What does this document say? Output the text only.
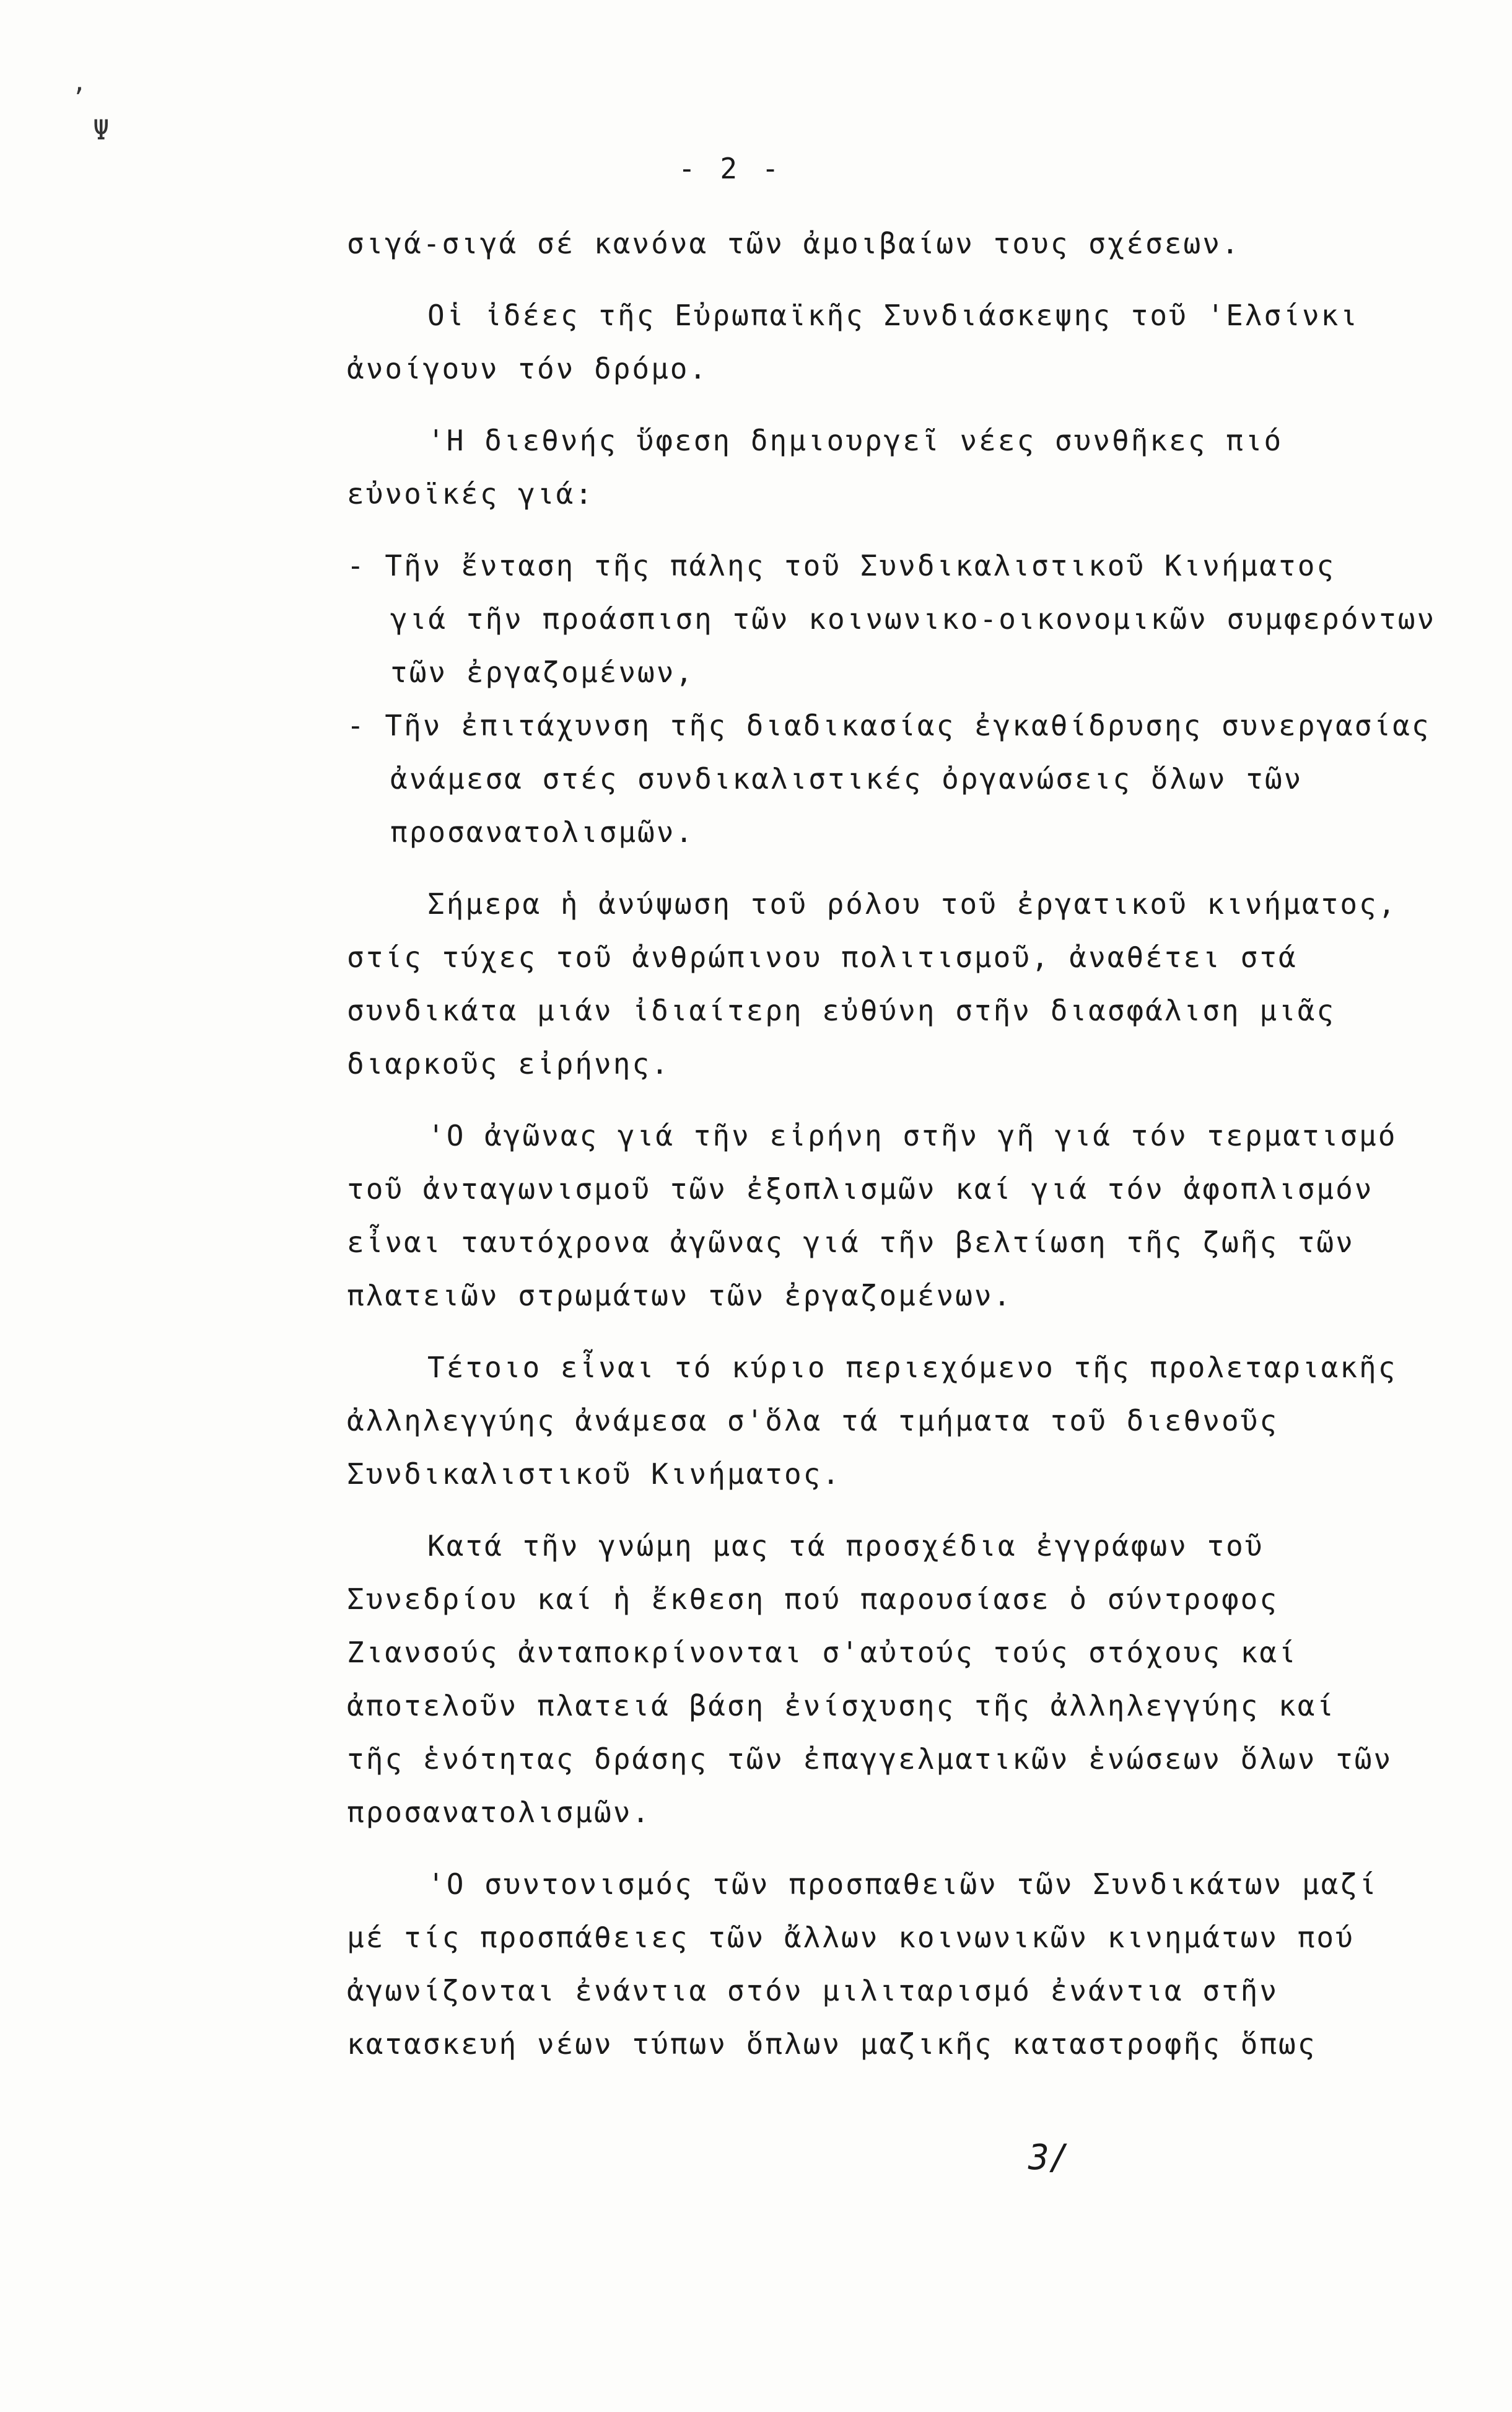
ʼ
Ψ
- 2 -
σιγά-σιγά σέ κανόνα τῶν ἀμοιβαίων τους σχέσεων.
Οἱ ἰδέες τῆς Εὐρωπαϊκῆς Συνδιάσκεψης τοῦ 'Ελσίνκι
ἀνοίγουν τόν δρόμο.
'Η διεθνής ὕφεση δημιουργεῖ νέες συνθῆκες πιό
εὐνοϊκές γιά:
- Τῆν ἔνταση τῆς πάλης τοῦ Συνδικαλιστικοῦ Κινήματος
γιά τῆν προάσπιση τῶν κοινωνικο-οικονομικῶν συμφερόντων
τῶν ἐργαζομένων,
- Τῆν ἐπιτάχυνση τῆς διαδικασίας ἐγκαθίδρυσης συνεργασίας
ἀνάμεσα στές συνδικαλιστικές ὀργανώσεις ὅλων τῶν
προσανατολισμῶν.
Σήμερα ἡ ἀνύψωση τοῦ ρόλου τοῦ ἐργατικοῦ κινήματος,
στίς τύχες τοῦ ἀνθρώπινου πολιτισμοῦ, ἀναθέτει στά
συνδικάτα μιάν ἰδιαίτερη εὐθύνη στῆν διασφάλιση μιᾶς
διαρκοῦς εἰρήνης.
'Ο ἀγῶνας γιά τῆν εἰρήνη στῆν γῆ γιά τόν τερματισμό
τοῦ ἀνταγωνισμοῦ τῶν ἐξοπλισμῶν καί γιά τόν ἀφοπλισμόν
εἶναι ταυτόχρονα ἀγῶνας γιά τῆν βελτίωση τῆς ζωῆς τῶν
πλατειῶν στρωμάτων τῶν ἐργαζομένων.
Τέτοιο εἶναι τό κύριο περιεχόμενο τῆς προλεταριακῆς
ἀλληλεγγύης ἀνάμεσα σ'ὅλα τά τμήματα τοῦ διεθνοῦς
Συνδικαλιστικοῦ Κινήματος.
Κατά τῆν γνώμη μας τά προσχέδια ἐγγράφων τοῦ
Συνεδρίου καί ἡ ἔκθεση πού παρουσίασε ὁ σύντροφος
Ζιανσούς ἀνταποκρίνονται σ'αὐτούς τούς στόχους καί
ἀποτελοῦν πλατειά βάση ἐνίσχυσης τῆς ἀλληλεγγύης καί
τῆς ἑνότητας δράσης τῶν ἐπαγγελματικῶν ἑνώσεων ὅλων τῶν
προσανατολισμῶν.
'Ο συντονισμός τῶν προσπαθειῶν τῶν Συνδικάτων μαζί
μέ τίς προσπάθειες τῶν ἄλλων κοινωνικῶν κινημάτων πού
ἀγωνίζονται ἐνάντια στόν μιλιταρισμό ἐνάντια στῆν
κατασκευή νέων τύπων ὅπλων μαζικῆς καταστροφῆς ὅπως
3/
